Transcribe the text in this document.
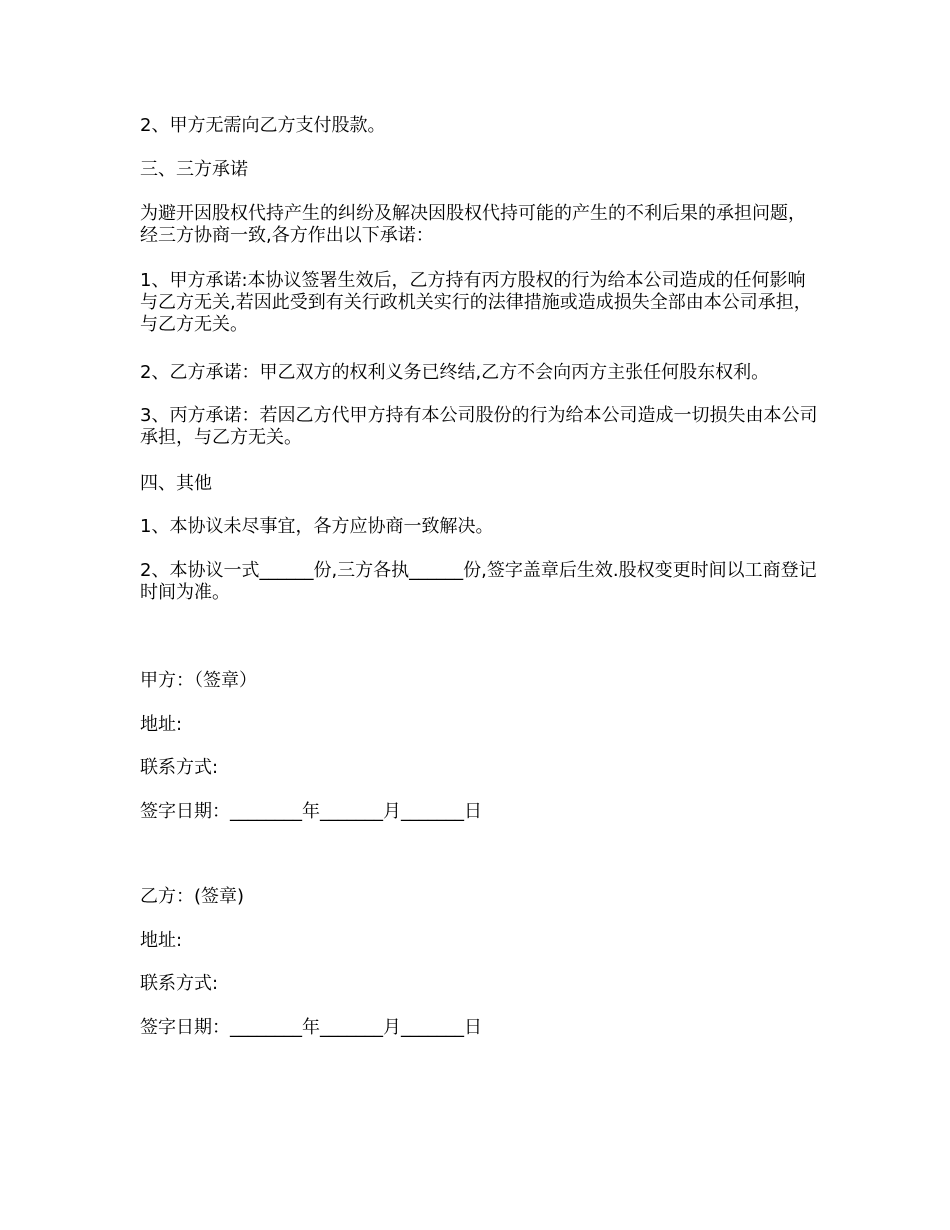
2、甲方无需向乙方支付股款。

三、三方承诺

为避开因股权代持产生的纠纷及解决因股权代持可能的产生的不利后果的承担问题，经三方协商一致,各方作出以下承诺：

1、甲方承诺:本协议签署生效后，乙方持有丙方股权的行为给本公司造成的任何影响与乙方无关,若因此受到有关行政机关实行的法律措施或造成损失全部由本公司承担，与乙方无关。

2、乙方承诺：甲乙双方的权利义务已终结,乙方不会向丙方主张任何股东权利。

3、丙方承诺：若因乙方代甲方持有本公司股份的行为给本公司造成一切损失由本公司承担，与乙方无关。

四、其他

1、本协议未尽事宜，各方应协商一致解决。

2、本协议一式______份,三方各执______份,签字盖章后生效.股权变更时间以工商登记时间为准。

甲方：（签章）

地址:

联系方式:

签字日期：________年_______月_______日

乙方：(签章)

地址:

联系方式:

签字日期：________年_______月_______日
